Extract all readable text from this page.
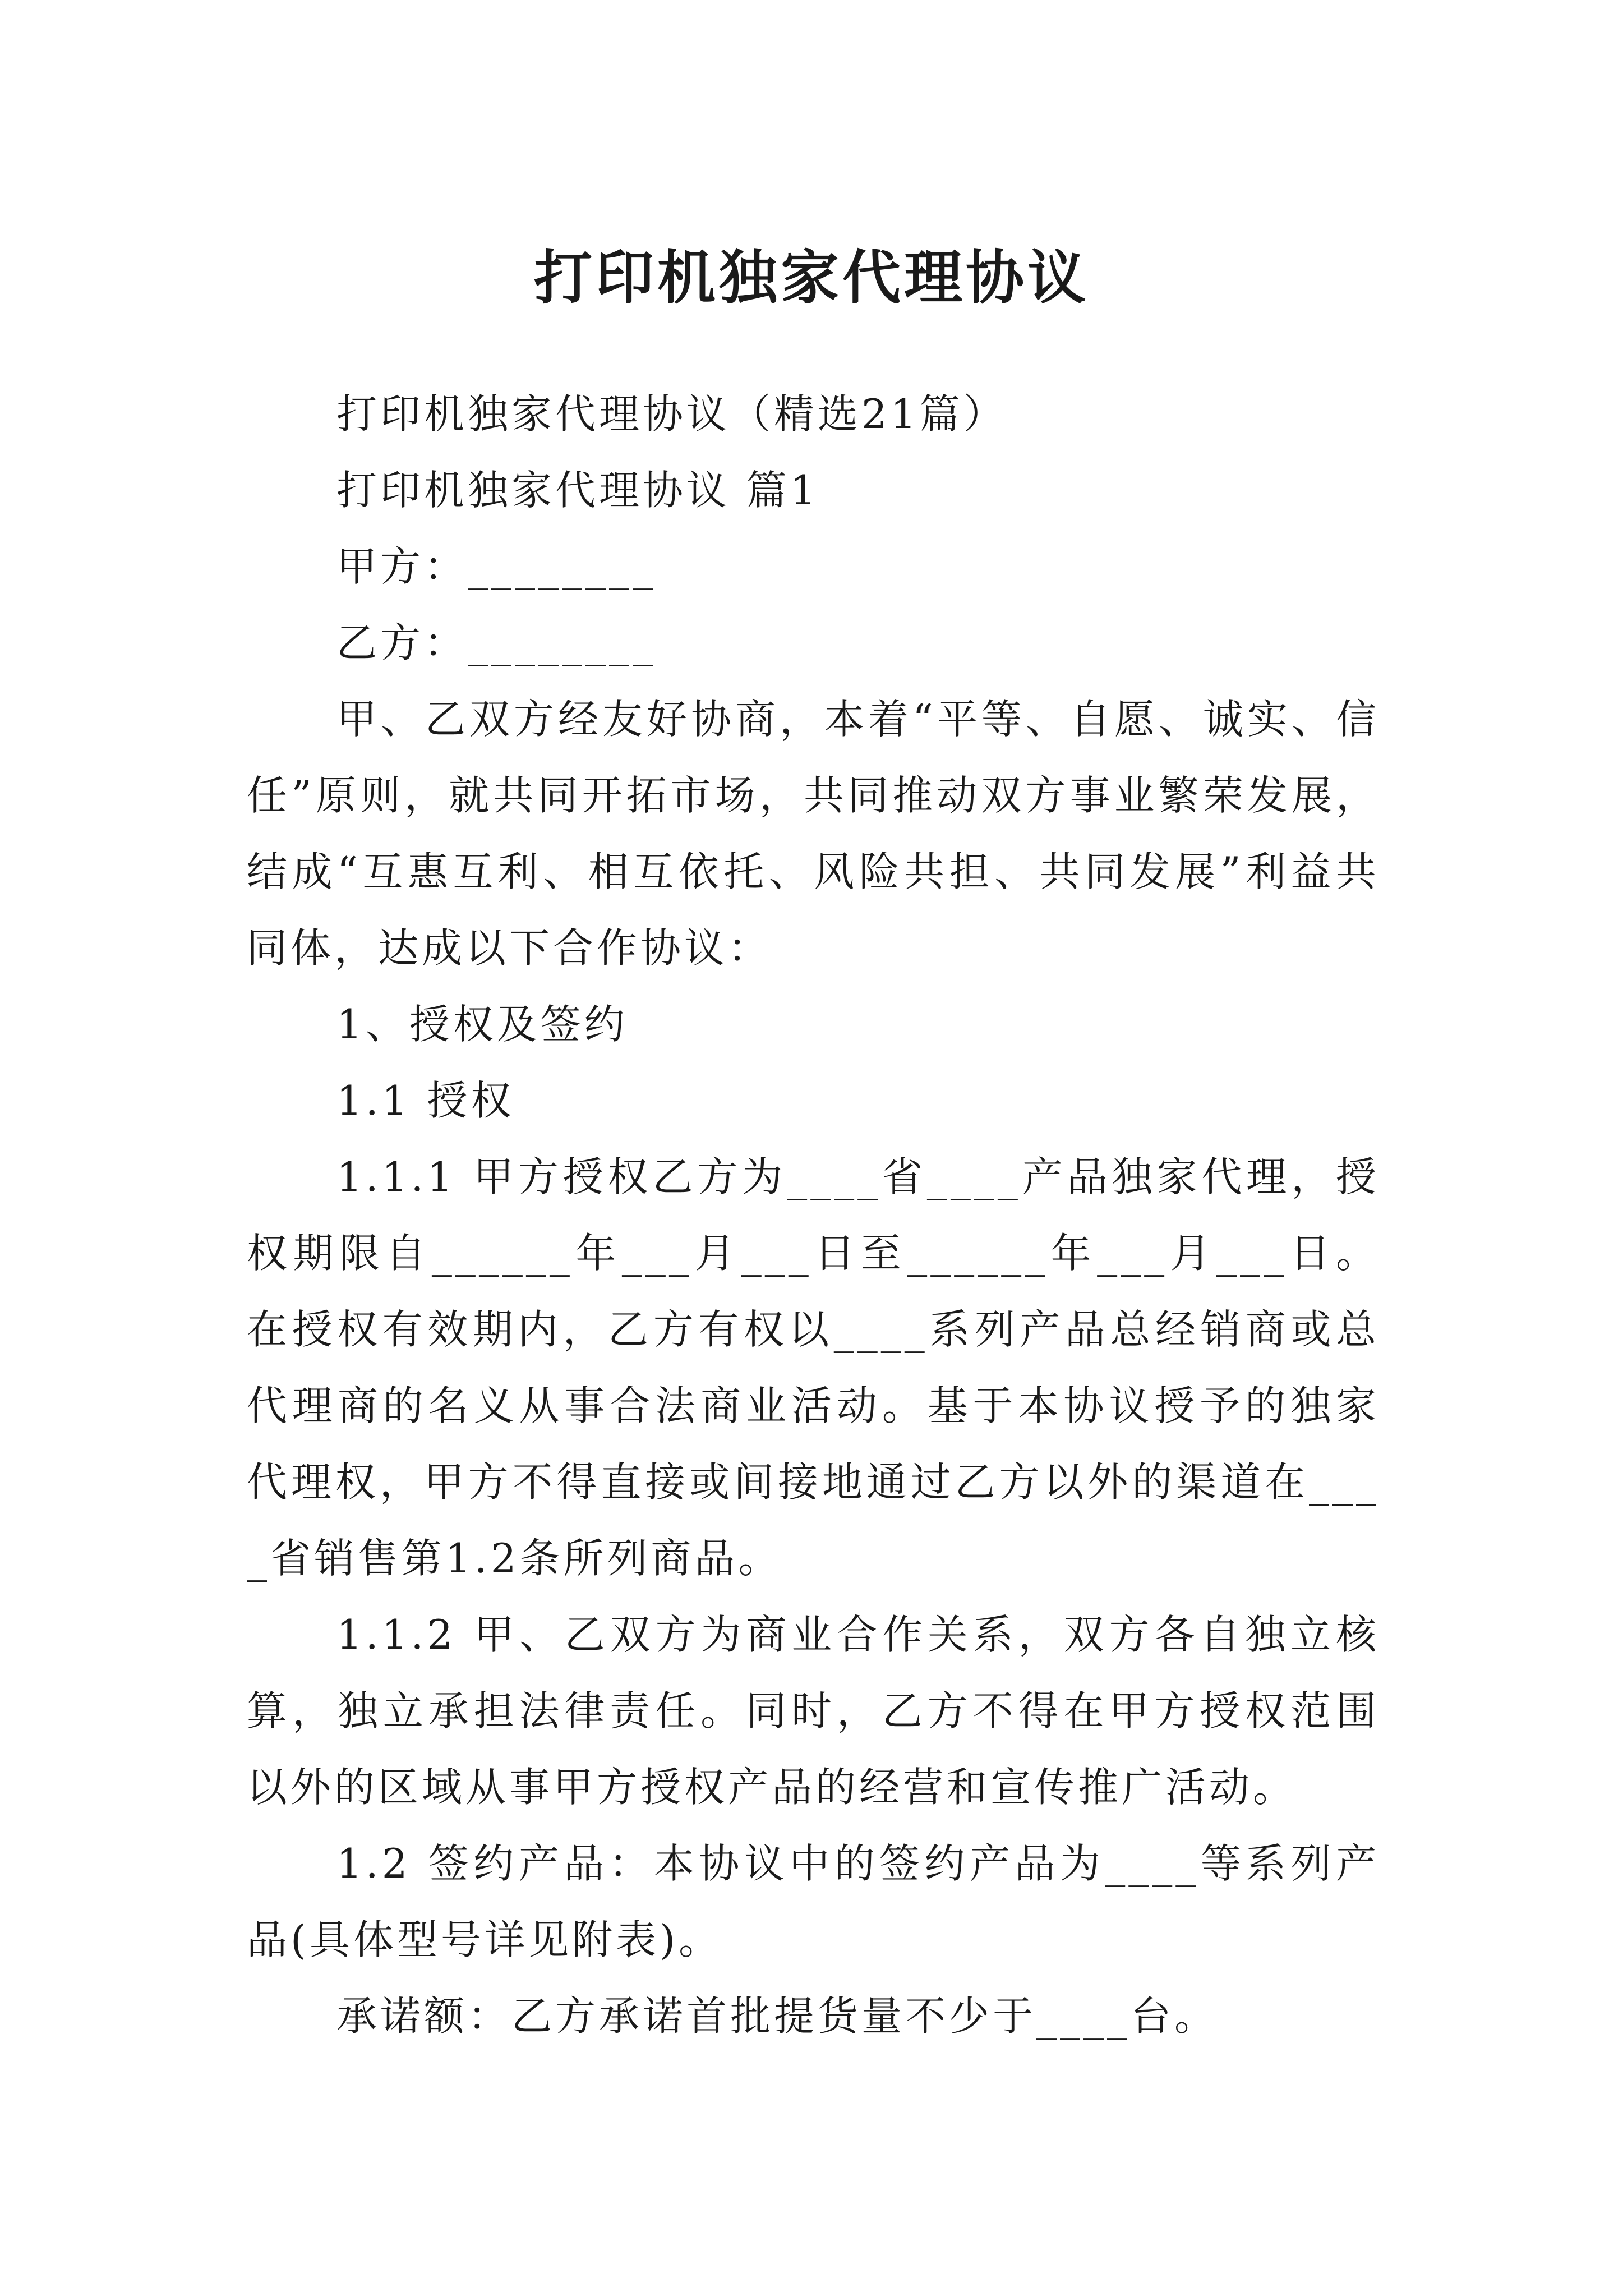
打印机独家代理协议

打印机独家代理协议（精选21篇）

打印机独家代理协议 篇1

甲方：________

乙方：________

甲、乙双方经友好协商，本着“平等、自愿、诚实、信任”原则，就共同开拓市场，共同推动双方事业繁荣发展，结成“互惠互利、相互依托、风险共担、共同发展”利益共同体，达成以下合作协议：

1、授权及签约

1.1 授权

1.1.1 甲方授权乙方为____省____产品独家代理，授权期限自______年___月___日至______年___月___日。在授权有效期内，乙方有权以____系列产品总经销商或总代理商的名义从事合法商业活动。基于本协议授予的独家代理权，甲方不得直接或间接地通过乙方以外的渠道在____省销售第1.2条所列商品。

1.1.2 甲、乙双方为商业合作关系，双方各自独立核算，独立承担法律责任。同时，乙方不得在甲方授权范围以外的区域从事甲方授权产品的经营和宣传推广活动。

1.2 签约产品：本协议中的签约产品为____等系列产品(具体型号详见附表)。

承诺额：乙方承诺首批提货量不少于____台。
